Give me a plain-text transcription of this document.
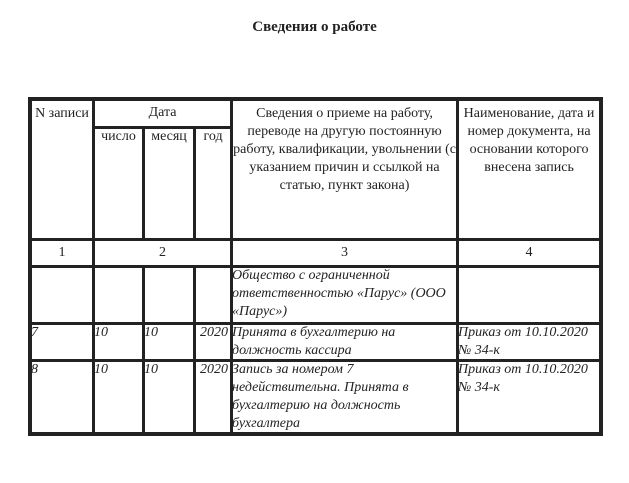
Сведения о работе
N записи	Дата			Сведения о приеме на работу, переводе на другую постоянную работу, квалификации, увольнении (с указанием причин и ссылкой на статью, пункт закона)	Наименование, дата и номер документа, на основании которого внесена запись
	число	месяц	год		
1	2			3	4
				Общество с ограниченной ответственностью «Парус» (ООО «Парус»)	
7	10	10	2020	Принята в бухгалтерию на должность кассира	Приказ от 10.10.2020 № 34-к
8	10	10	2020	Запись за номером 7 недействительна. Принята в бухгалтерию на должность бухгалтера	Приказ от 10.10.2020 № 34-к
